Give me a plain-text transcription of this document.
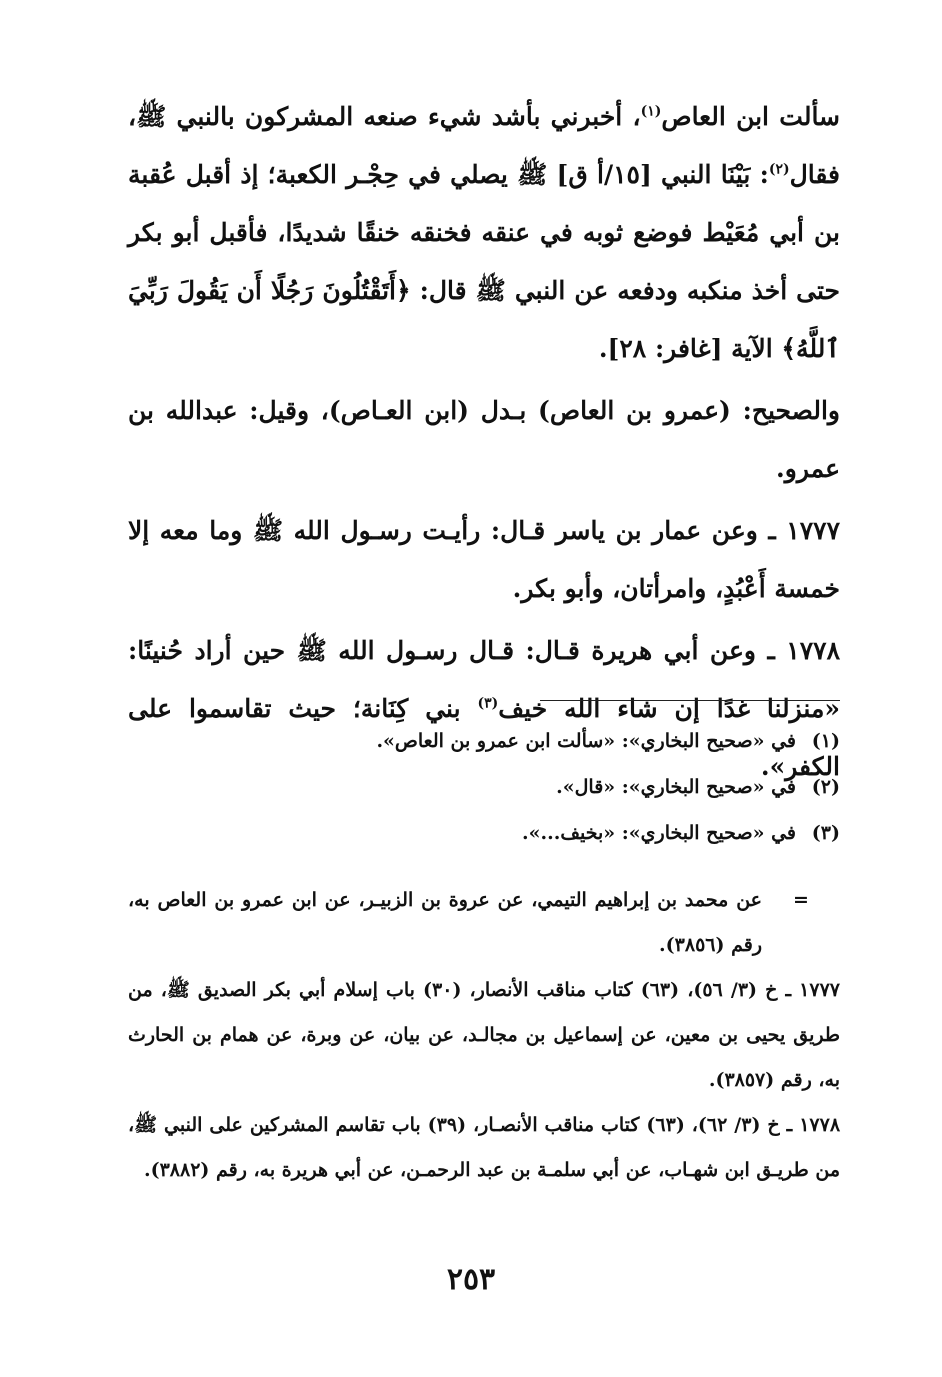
سألت ابن العاص$^{(١)}$، أخبرني بأشد شيء صنعه المشركون بالنبي ﷺ، فقال$^{(٢)}$: بَيْنَا النبي [١٥/أ ق] ﷺ يصلي في حِجْـر الكعبة؛ إذ أقبل عُقبة بن أبي مُعَيْط فوضع ثوبه في عنقه فخنقه خنقًا شديدًا، فأقبل أبو بكر حتى أخذ منكبه ودفعه عن النبي ﷺ قال: ﴿أَتَقْتُلُونَ رَجُلًا أَن يَقُولَ رَبِّيَ ٱللَّهُ﴾ الآية [غافر: ٢٨].

والصحيح: (عمرو بن العاص) بـدل (ابن العـاص)، وقيل: عبدالله بن عمرو.

١٧٧٧ ـ وعن عمار بن ياسر قـال: رأيـت رسـول الله ﷺ وما معه إلا خمسة أَعْبُدٍ، وامرأتان، وأبو بكر.

١٧٧٨ ـ وعن أبي هريرة قـال: قـال رسـول الله ﷺ حين أراد حُنينًا: «منزلنا غدًا إن شاء الله خيف$^{(٣)}$ بني كِنَانة؛ حيث تقاسموا على الكفر».

(١)في «صحيح البخاري»: «سألت ابن عمرو بن العاص».

(٢)في «صحيح البخاري»: «قال».

(٣)في «صحيح البخاري»: «بخيف...».

=عن محمد بن إبراهيم التيمي، عن عروة بن الزبيـر، عن ابن عمرو بن العاص به، رقم (٣٨٥٦).

١٧٧٧ ـ خ (٣/ ٥٦)، (٦٣) كتاب مناقب الأنصار، (٣٠) باب إسلام أبي بكر الصديق ﷺ، من طريق يحيى بن معين، عن إسماعيل بن مجالـد، عن بيان، عن وبرة، عن همام بن الحارث به، رقم (٣٨٥٧).

١٧٧٨ ـ خ (٣/ ٦٢)، (٦٣) كتاب مناقب الأنصـار، (٣٩) باب تقاسم المشركين على النبي ﷺ، من طريـق ابن شهـاب، عن أبي سلمـة بن عبد الرحمـن، عن أبي هريرة به، رقم (٣٨٨٢).

٢٥٣
